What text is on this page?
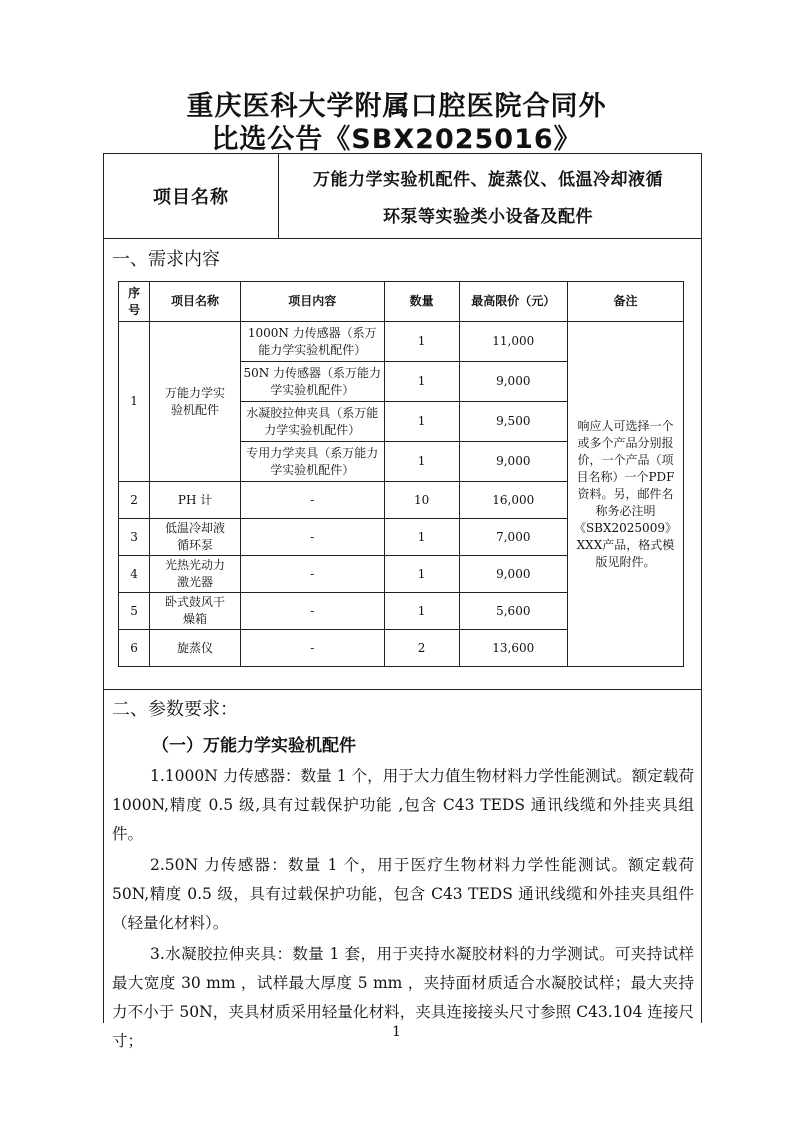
重庆医科大学附属口腔医院合同外
比选公告《SBX2025016》
项目名称
万能力学实验机配件、旋蒸仪、低温冷却液循
环泵等实验类小设备及配件
一、需求内容
序号	项目名称	项目内容	数量	最高限价（元）	备注
1	万能力学实验机配件	1000N 力传感器（系万能力学实验机配件）	1	11,000	响应人可选择一个或多个产品分别报价，一个产品（项目名称）一个PDF资料。另，邮件名称务必注明《SBX2025009》XXX产品，格式模版见附件。
		50N 力传感器（系万能力学实验机配件）	1	9,000	
		水凝胶拉伸夹具（系万能力学实验机配件）	1	9,500	
		专用力学夹具（系万能力学实验机配件）	1	9,000	
2	PH 计	-	10	16,000	
3	低温冷却液循环泵	-	1	7,000	
4	光热光动力激光器	-	1	9,000	
5	卧式鼓风干燥箱	-	1	5,600	
6	旋蒸仪	-	2	13,600	
二、参数要求：
（一）万能力学实验机配件
1.1000N 力传感器：数量 1 个，用于大力值生物材料力学性能测试。额定载荷 1000N,精度 0.5 级,具有过载保护功能 ,包含 C43 TEDS 通讯线缆和外挂夹具组件。
2.50N 力传感器：数量 1 个，用于医疗生物材料力学性能测试。额定载荷 50N,精度 0.5 级，具有过载保护功能，包含 C43 TEDS 通讯线缆和外挂夹具组件（轻量化材料）。
3.水凝胶拉伸夹具：数量 1 套，用于夹持水凝胶材料的力学测试。可夹持试样最大宽度 30 mm ，试样最大厚度 5 mm ，夹持面材质适合水凝胶试样；最大夹持力不小于 50N，夹具材质采用轻量化材料，夹具连接接头尺寸参照 C43.104 连接尺寸；	1
